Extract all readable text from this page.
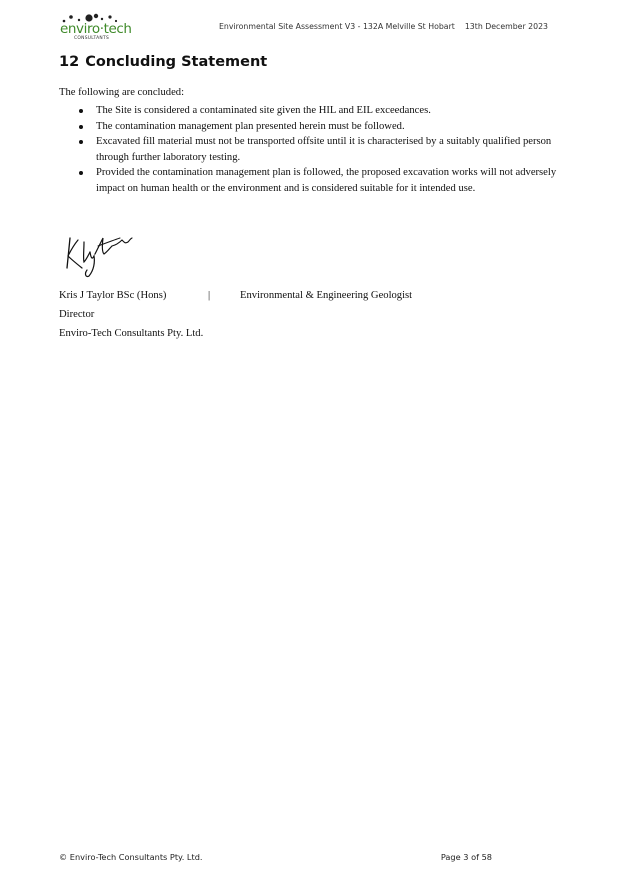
enviro·tech
CONSULTANTS
Environmental Site Assessment V3 - 132A Melville St Hobart 13th December 2023
12 Concluding Statement
The following are concluded:
The Site is considered a contaminated site given the HIL and EIL exceedances.
The contamination management plan presented herein must be followed.
Excavated fill material must not be transported offsite until it is characterised by a suitably qualified person through further laboratory testing.
Provided the contamination management plan is followed, the proposed excavation works will not adversely impact on human health or the environment and is considered suitable for it intended use.
Kris J Taylor BSc (Hons)	|	Environmental & Engineering Geologist
Director
Enviro-Tech Consultants Pty. Ltd.
© Enviro-Tech Consultants Pty. Ltd.	Page 3 of 58
